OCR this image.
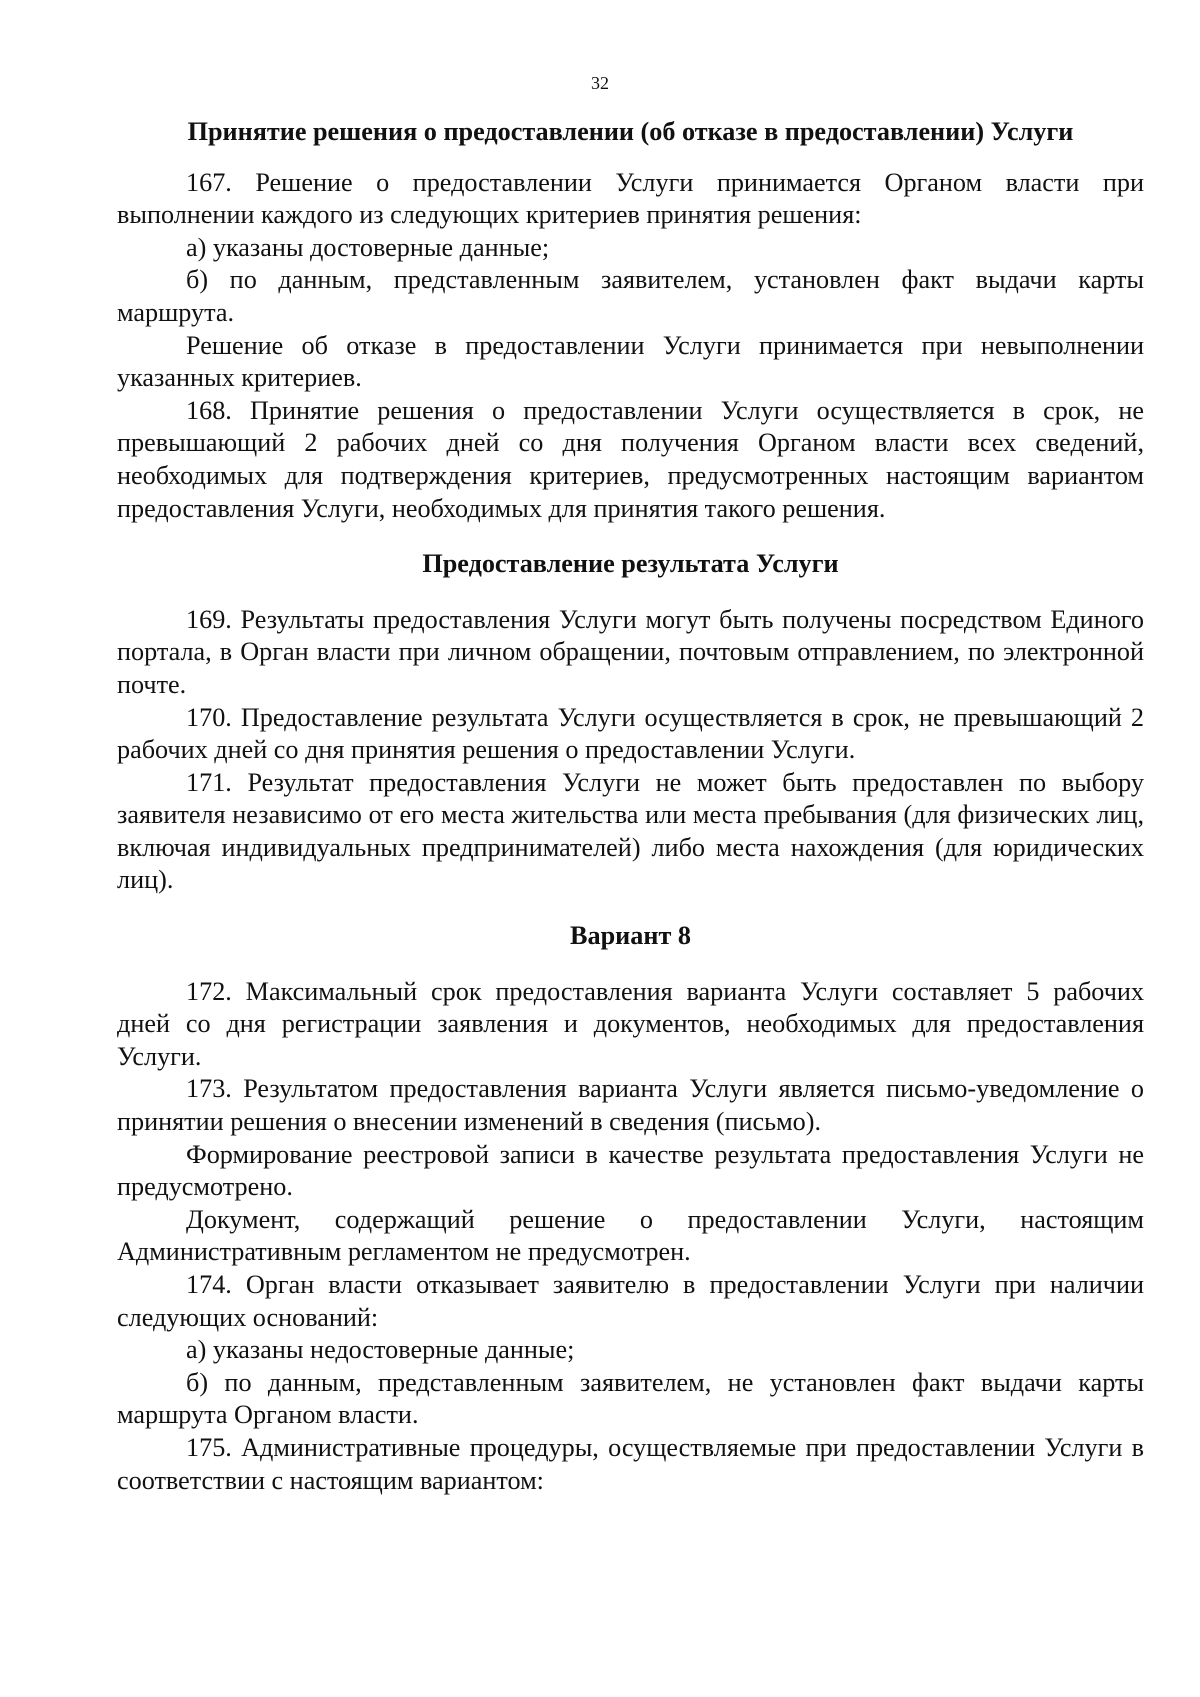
32

Принятие решения о предоставлении (об отказе в предоставлении) Услуги

167. Решение о предоставлении Услуги принимается Органом власти при выполнении каждого из следующих критериев принятия решения:

а) указаны достоверные данные;

б) по данным, представленным заявителем, установлен факт выдачи карты маршрута.

Решение об отказе в предоставлении Услуги принимается при невыполнении указанных критериев.

168. Принятие решения о предоставлении Услуги осуществляется в срок, не превышающий 2 рабочих дней со дня получения Органом власти всех сведений, необходимых для подтверждения критериев, предусмотренных настоящим вариантом предоставления Услуги, необходимых для принятия такого решения.

Предоставление результата Услуги

169. Результаты предоставления Услуги могут быть получены посредством Единого портала, в Орган власти при личном обращении, почтовым отправлением, по электронной почте.

170. Предоставление результата Услуги осуществляется в срок, не превышающий 2 рабочих дней со дня принятия решения о предоставлении Услуги.

171. Результат предоставления Услуги не может быть предоставлен по выбору заявителя независимо от его места жительства или места пребывания (для физических лиц, включая индивидуальных предпринимателей) либо места нахождения (для юридических лиц).

Вариант 8

172. Максимальный срок предоставления варианта Услуги составляет 5 рабочих дней со дня регистрации заявления и документов, необходимых для предоставления Услуги.

173. Результатом предоставления варианта Услуги является письмо-уведомление о принятии решения о внесении изменений в сведения (письмо).

Формирование реестровой записи в качестве результата предоставления Услуги не предусмотрено.

Документ, содержащий решение о предоставлении Услуги, настоящим Административным регламентом не предусмотрен.

174. Орган власти отказывает заявителю в предоставлении Услуги при наличии следующих оснований:

а) указаны недостоверные данные;

б) по данным, представленным заявителем, не установлен факт выдачи карты маршрута Органом власти.

175. Административные процедуры, осуществляемые при предоставлении Услуги в соответствии с настоящим вариантом:
